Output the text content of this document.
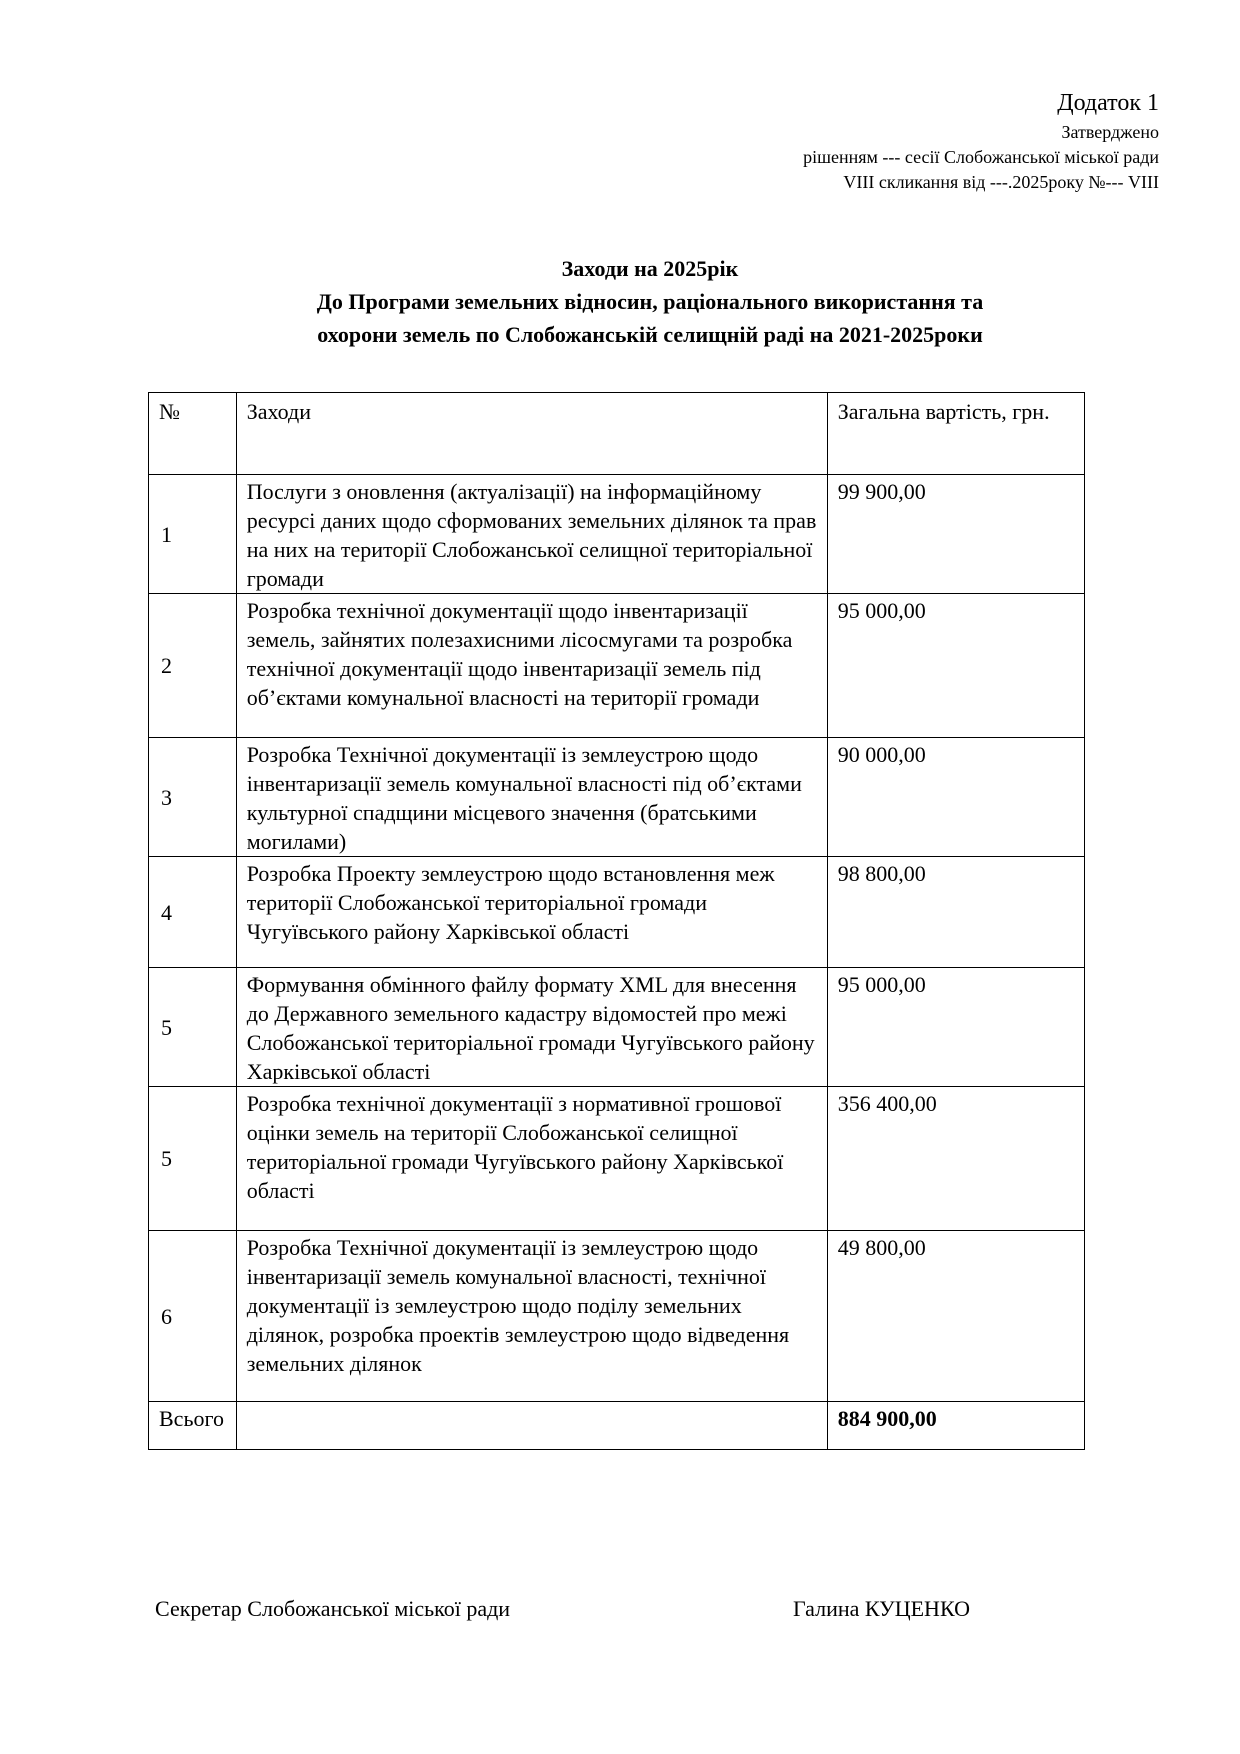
Додаток 1
Затверджено
рішенням --- сесії Слобожанської міської ради
VIII скликання від ---.2025року №--- VIII
Заходи на 2025рік
До Програми земельних відносин, раціонального використання та
охорони земель по Слобожанській селищній раді на 2021-2025роки
№	Заходи	Загальна вартість, грн.
1	Послуги з оновлення (актуалізації) на інформаційному ресурсі даних щодо сформованих земельних ділянок та прав на них на території Слобожанської селищної територіальної громади	99 900,00
2	Розробка технічної документації щодо інвентаризації земель, зайнятих полезахисними лісосмугами та розробка технічної документації щодо інвентаризації земель під об’єктами комунальної власності на території громади	95 000,00
3	Розробка Технічної документації із землеустрою щодо інвентаризації земель комунальної власності під об’єктами культурної спадщини місцевого значення (братськими могилами)	90 000,00
4	Розробка Проекту землеустрою щодо встановлення меж території Слобожанської територіальної громади Чугуївського району Харківської області	98 800,00
5	Формування обмінного файлу формату XML для внесення до Державного земельного кадастру відомостей про межі Слобожанської територіальної громади Чугуївського району Харківської області	95 000,00
5	Розробка технічної документації з нормативної грошової оцінки земель на території Слобожанської селищної територіальної громади Чугуївського району Харківської області	356 400,00
6	Розробка Технічної документації із землеустрою щодо інвентаризації земель комунальної власності, технічної документації із землеустрою щодо поділу земельних ділянок, розробка проектів землеустрою щодо відведення земельних ділянок	49 800,00
Всього		884 900,00
Секретар Слобожанської міської ради	Галина КУЦЕНКО
